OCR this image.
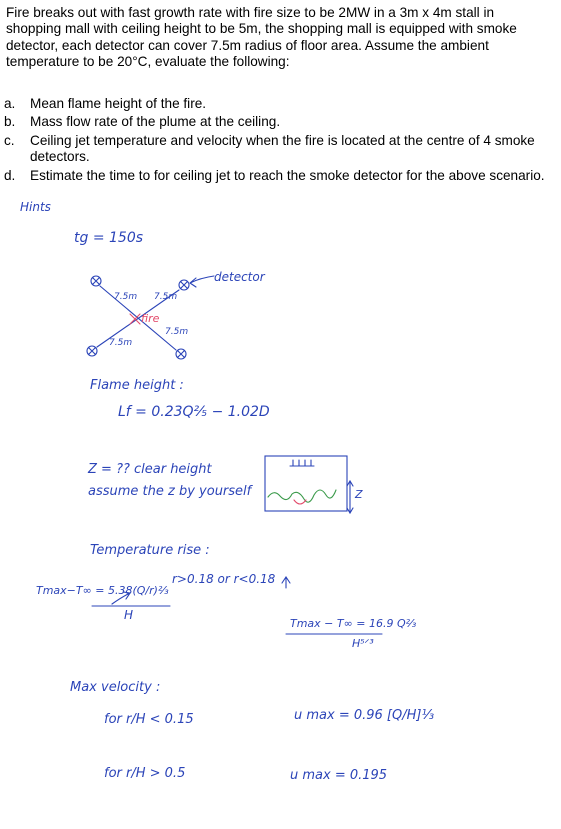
Fire breaks out with fast growth rate with fire size to be 2MW in a 3m x 4m stall in shopping mall with ceiling height to be 5m, the shopping mall is equipped with smoke detector, each detector can cover 7.5m radius of floor area. Assume the ambient temperature to be 20°C, evaluate the following:

a.	Mean flame height of the fire.
b.	Mass flow rate of the plume at the ceiling.
c.	Ceiling jet temperature and velocity when the fire is located at the centre of 4 smoke detectors.
d.	Estimate the time to for ceiling jet to reach the smoke detector for the above scenario.
Hints
tg = 150s
detector
7.5m 7.5m
fire
7.5m
7.5m
Flame height :
Lf = 0.23Q⅖ − 1.02D
Z = ?? clear height
assume the z by yourself	Z
Temperature rise :
r>0.18 or r<0.18
Tmax−T∞ = 5.38(Q/r)⅔
H
Tmax − T∞ = 16.9 Q⅔
H⁵ᐟ³
Max velocity :
for r/H < 0.15	u max = 0.96 [Q/H]⅓
for r/H > 0.5	u max = 0.195
